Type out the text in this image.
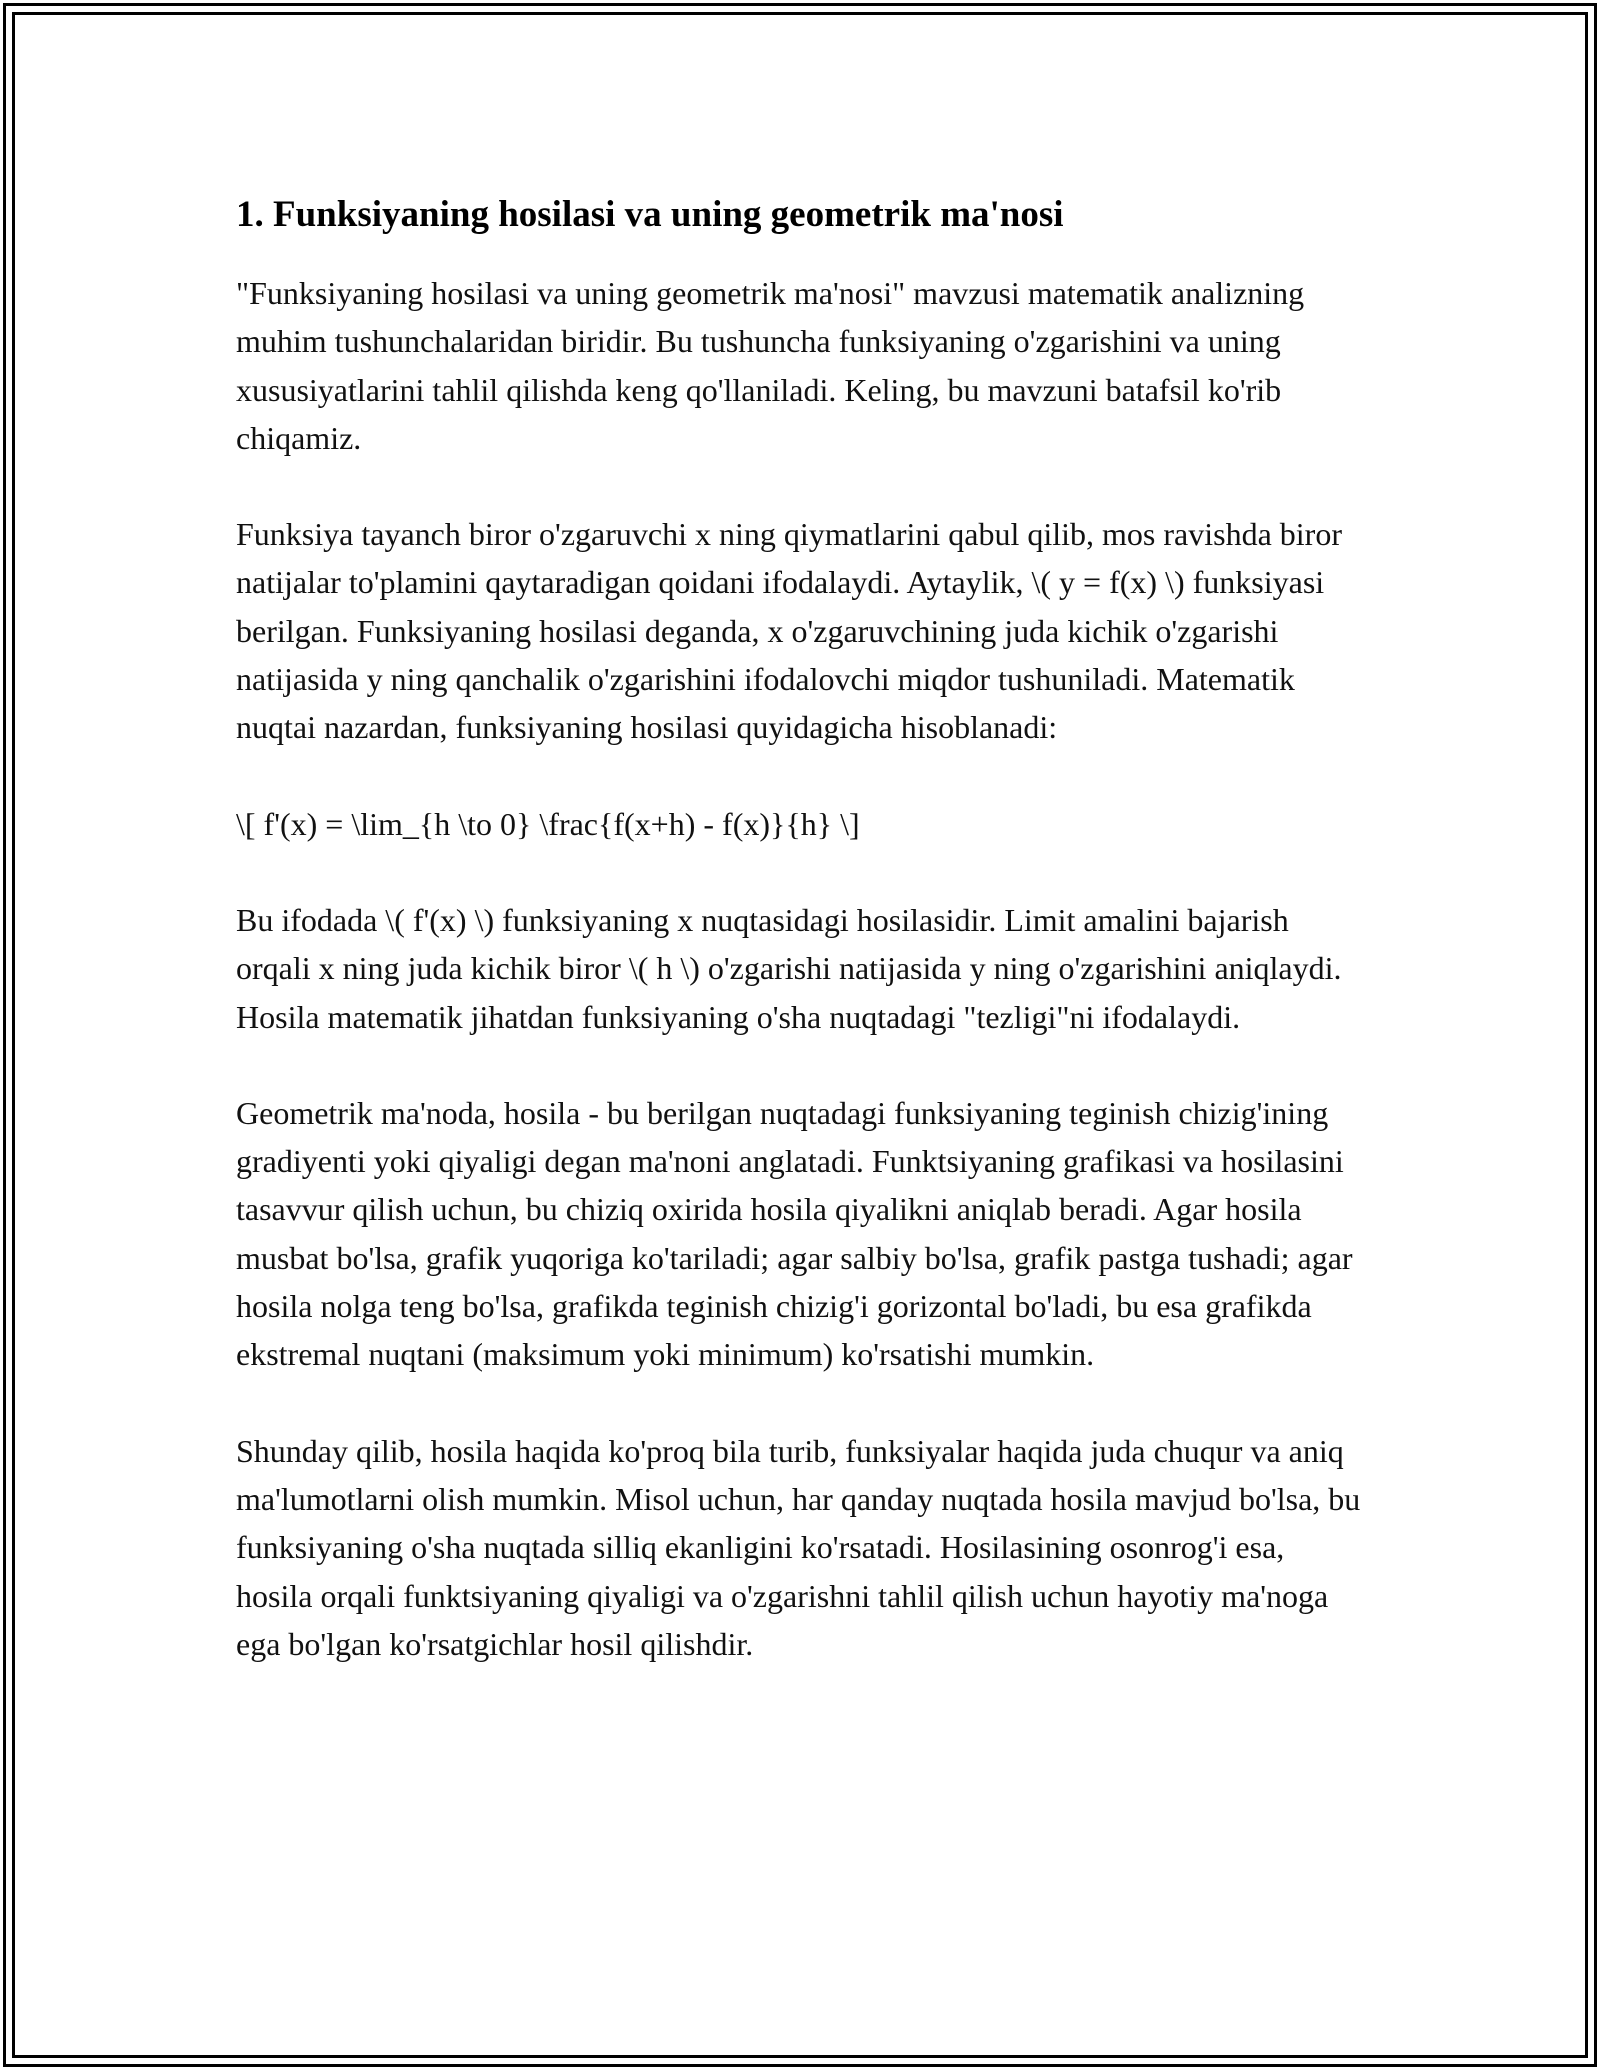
1. Funksiyaning hosilasi va uning geometrik ma'nosi

"Funksiyaning hosilasi va uning geometrik ma'nosi" mavzusi matematik analizning muhim tushunchalaridan biridir. Bu tushuncha funksiyaning o'zgarishini va uning xususiyatlarini tahlil qilishda keng qo'llaniladi. Keling, bu mavzuni batafsil ko'rib chiqamiz.

Funksiya tayanch biror o'zgaruvchi x ning qiymatlarini qabul qilib, mos ravishda biror natijalar to'plamini qaytaradigan qoidani ifodalaydi. Aytaylik, \( y = f(x) \) funksiyasi berilgan. Funksiyaning hosilasi deganda, x o'zgaruvchining juda kichik o'zgarishi natijasida y ning qanchalik o'zgarishini ifodalovchi miqdor tushuniladi. Matematik nuqtai nazardan, funksiyaning hosilasi quyidagicha hisoblanadi:

\[ f'(x) = \lim_{h \to 0} \frac{f(x+h) - f(x)}{h} \]

Bu ifodada \( f'(x) \) funksiyaning x nuqtasidagi hosilasidir. Limit amalini bajarish orqali x ning juda kichik biror \( h \) o'zgarishi natijasida y ning o'zgarishini aniqlaydi. Hosila matematik jihatdan funksiyaning o'sha nuqtadagi "tezligi"ni ifodalaydi.

Geometrik ma'noda, hosila - bu berilgan nuqtadagi funksiyaning teginish chizig'ining gradiyenti yoki qiyaligi degan ma'noni anglatadi. Funktsiyaning grafikasi va hosilasini tasavvur qilish uchun, bu chiziq oxirida hosila qiyalikni aniqlab beradi. Agar hosila musbat bo'lsa, grafik yuqoriga ko'tariladi; agar salbiy bo'lsa, grafik pastga tushadi; agar hosila nolga teng bo'lsa, grafikda teginish chizig'i gorizontal bo'ladi, bu esa grafikda ekstremal nuqtani (maksimum yoki minimum) ko'rsatishi mumkin.

Shunday qilib, hosila haqida ko'proq bila turib, funksiyalar haqida juda chuqur va aniq ma'lumotlarni olish mumkin. Misol uchun, har qanday nuqtada hosila mavjud bo'lsa, bu funksiyaning o'sha nuqtada silliq ekanligini ko'rsatadi. Hosilasining osonrog'i esa, hosila orqali funktsiyaning qiyaligi va o'zgarishni tahlil qilish uchun hayotiy ma'noga ega bo'lgan ko'rsatgichlar hosil qilishdir.
